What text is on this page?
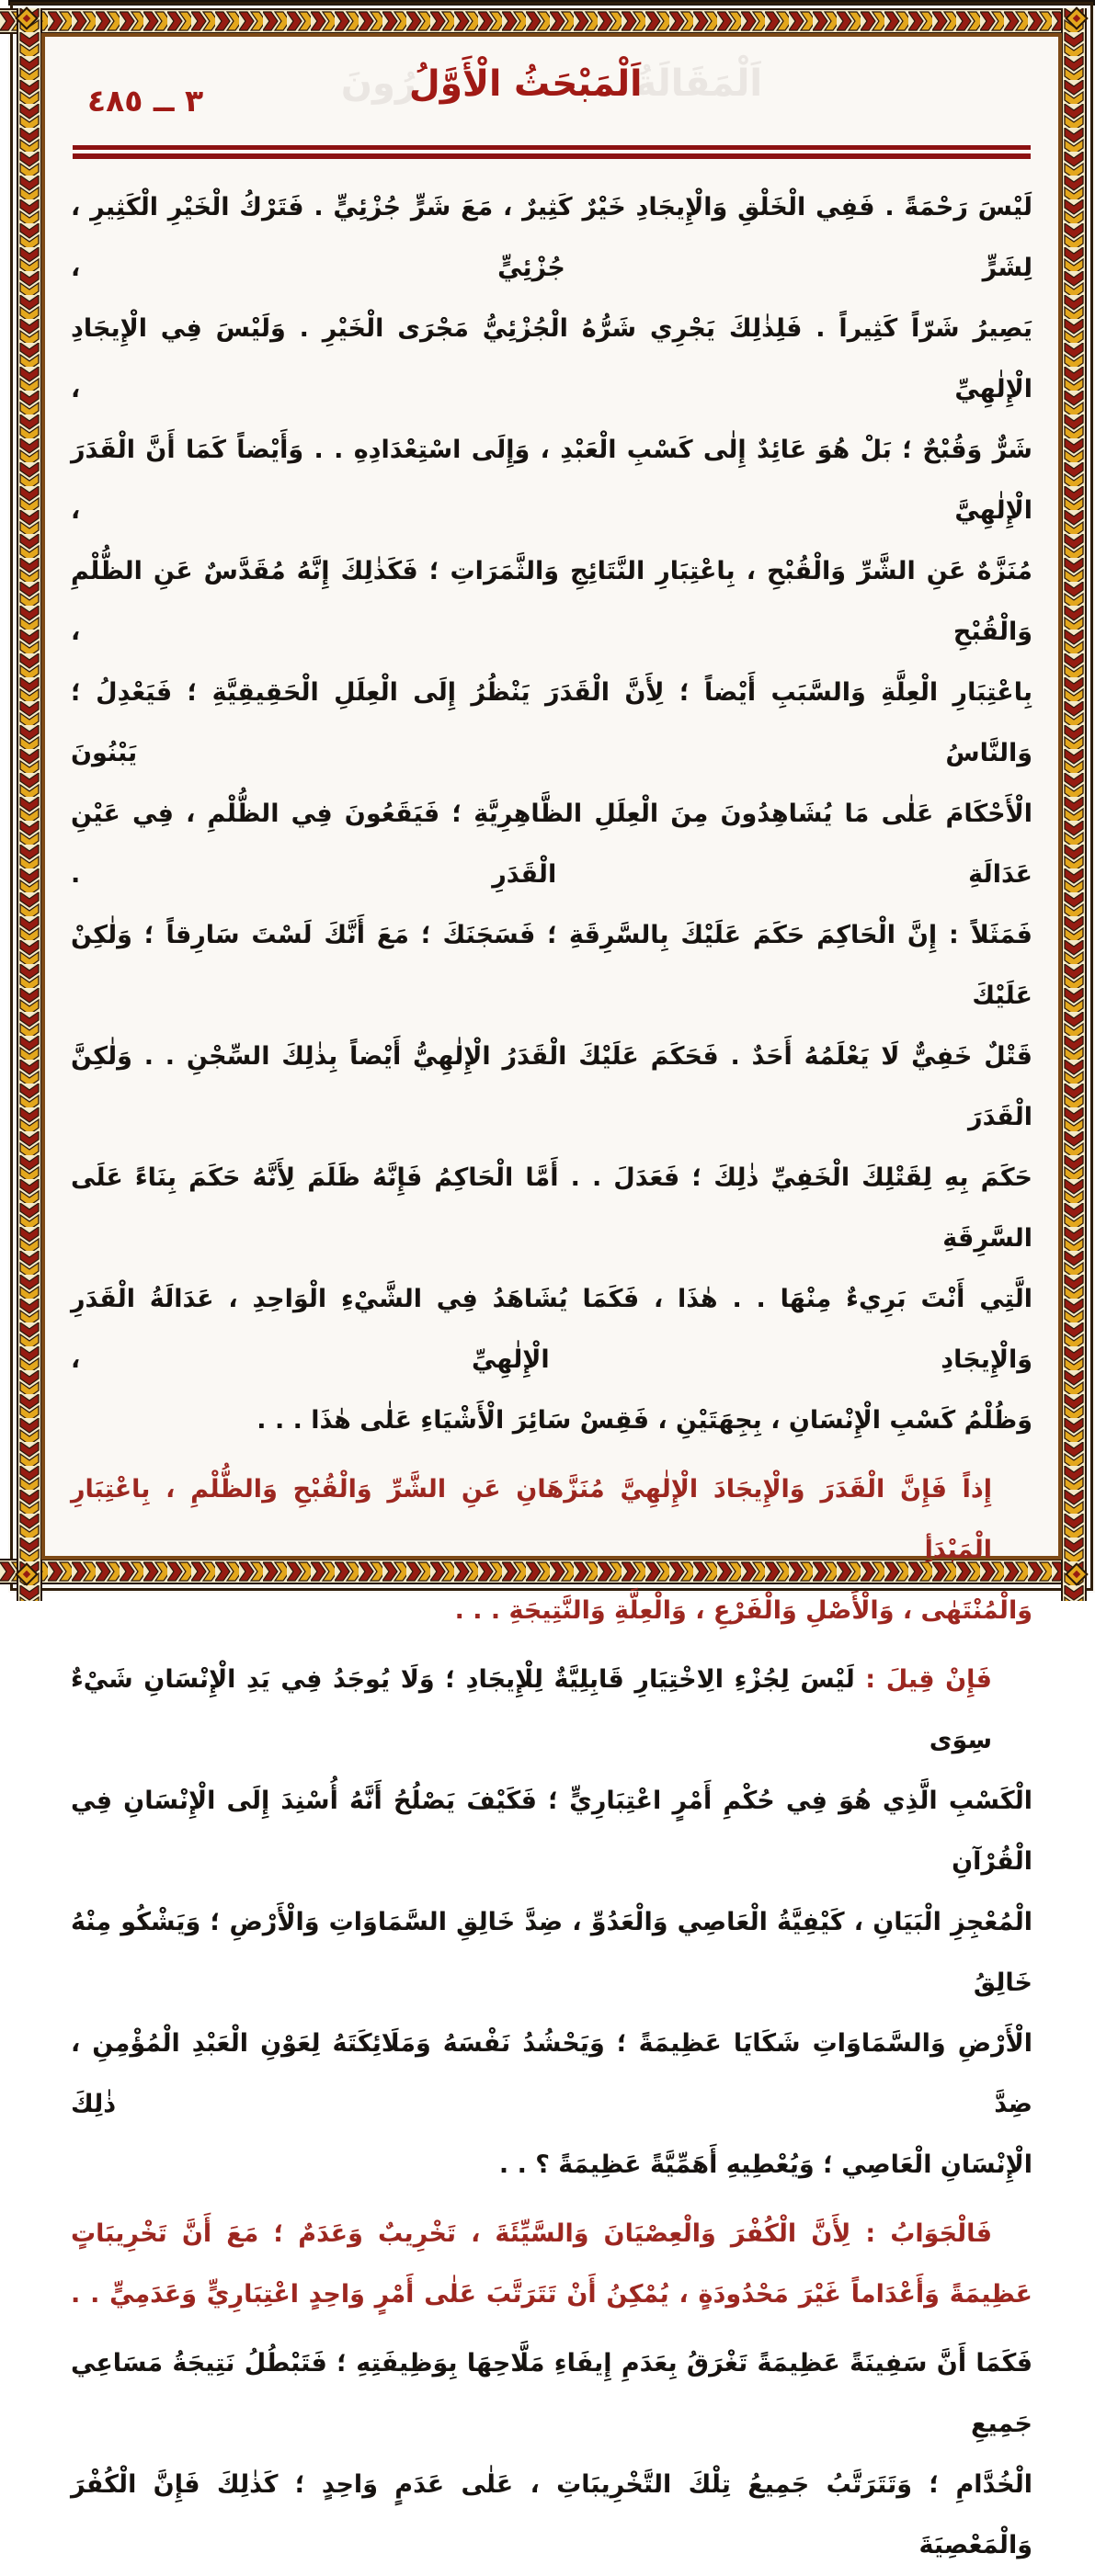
٣ ــ ٤٨٥	اَلْمَقَالَةُ
اَلْمَبْحَثُ الْأَوَّلُ
رُونَ
لَيْسَ رَحْمَةً . فَفِي الْخَلْقِ وَالْإِيجَادِ خَيْرٌ كَثِيرٌ ، مَعَ شَرٍّ جُزْئِيٍّ . فَتَرْكُ الْخَيْرِ الْكَثِيرِ ، لِشَرٍّ جُزْئِيٍّ ،
يَصِيرُ شَرّاً كَثِيراً . فَلِذٰلِكَ يَجْرِي شَرُّهُ الْجُزْئِيُّ مَجْرَى الْخَيْرِ . وَلَيْسَ فِي الْإِيجَادِ الْإِلٰهِيِّ ،
شَرٌّ وَقُبْحٌ ؛ بَلْ هُوَ عَائِدٌ إِلٰى كَسْبِ الْعَبْدِ ، وَإِلَى اسْتِعْدَادِهِ . . وَأَيْضاً كَمَا أَنَّ الْقَدَرَ الْإِلٰهِيَّ ،
مُنَزَّهٌ عَنِ الشَّرِّ وَالْقُبْحِ ، بِاعْتِبَارِ النَّتَائِجِ وَالثَّمَرَاتِ ؛ فَكَذٰلِكَ إِنَّهُ مُقَدَّسٌ عَنِ الظُّلْمِ وَالْقُبْحِ ،
بِاعْتِبَارِ الْعِلَّةِ وَالسَّبَبِ أَيْضاً ؛ لِأَنَّ الْقَدَرَ يَنْظُرُ إِلَى الْعِلَلِ الْحَقِيقِيَّةِ ؛ فَيَعْدِلُ ؛ وَالنَّاسُ يَبْنُونَ
الْأَحْكَامَ عَلٰى مَا يُشَاهِدُونَ مِنَ الْعِلَلِ الظَّاهِرِيَّةِ ؛ فَيَقَعُونَ فِي الظُّلْمِ ، فِي عَيْنِ عَدَالَةِ الْقَدَرِ .
فَمَثَلاً : إِنَّ الْحَاكِمَ حَكَمَ عَلَيْكَ بِالسَّرِقَةِ ؛ فَسَجَنَكَ ؛ مَعَ أَنَّكَ لَسْتَ سَارِقاً ؛ وَلٰكِنْ عَلَيْكَ
قَتْلٌ خَفِيٌّ لَا يَعْلَمُهُ أَحَدٌ . فَحَكَمَ عَلَيْكَ الْقَدَرُ الْإِلٰهِيُّ أَيْضاً بِذٰلِكَ السِّجْنِ . . وَلٰكِنَّ الْقَدَرَ
حَكَمَ بِهِ لِقَتْلِكَ الْخَفِيِّ ذٰلِكَ ؛ فَعَدَلَ . . أَمَّا الْحَاكِمُ فَإِنَّهُ ظَلَمَ لِأَنَّهُ حَكَمَ بِنَاءً عَلَى السَّرِقَةِ
الَّتِي أَنْتَ بَرِيءٌ مِنْهَا . . هٰذَا ، فَكَمَا يُشَاهَدُ فِي الشَّيْءِ الْوَاحِدِ ، عَدَالَةُ الْقَدَرِ وَالْإِيجَادِ الْإِلٰهِيِّ ،
وَظُلْمُ كَسْبِ الْإِنْسَانِ ، بِجِهَتَيْنِ ، فَقِسْ سَائِرَ الْأَشْيَاءِ عَلٰى هٰذَا . . .
إِذاً فَإِنَّ الْقَدَرَ وَالْإِيجَادَ الْإِلٰهِيَّ مُنَزَّهَانِ عَنِ الشَّرِّ وَالْقُبْحِ وَالظُّلْمِ ، بِاعْتِبَارِ الْمَبْدَأِ
وَالْمُنْتَهٰى ، وَالْأَصْلِ وَالْفَرْعِ ، وَالْعِلَّةِ وَالنَّتِيجَةِ . . .
فَإِنْ قِيلَ : لَيْسَ لِجُزْءِ الِاخْتِيَارِ قَابِلِيَّةٌ لِلْإِيجَادِ ؛ وَلَا يُوجَدُ فِي يَدِ الْإِنْسَانِ شَيْءٌ سِوَى
الْكَسْبِ الَّذِي هُوَ فِي حُكْمِ أَمْرٍ اعْتِبَارِيٍّ ؛ فَكَيْفَ يَصْلُحُ أَنَّهُ أُسْنِدَ إِلَى الْإِنْسَانِ فِي الْقُرْآنِ
الْمُعْجِزِ الْبَيَانِ ، كَيْفِيَّةُ الْعَاصِي وَالْعَدُوِّ ، ضِدَّ خَالِقِ السَّمَاوَاتِ وَالْأَرْضِ ؛ وَيَشْكُو مِنْهُ خَالِقُ
الْأَرْضِ وَالسَّمَاوَاتِ شَكَايَا عَظِيمَةً ؛ وَيَحْشُدُ نَفْسَهُ وَمَلَائِكَتَهُ لِعَوْنِ الْعَبْدِ الْمُؤْمِنِ ، ضِدَّ ذٰلِكَ
الْإِنْسَانِ الْعَاصِي ؛ وَيُعْطِيهِ أَهَمِّيَّةً عَظِيمَةً ؟ . .
فَالْجَوَابُ : لِأَنَّ الْكُفْرَ وَالْعِصْيَانَ وَالسَّيِّئَةَ ، تَخْرِيبٌ وَعَدَمٌ ؛ مَعَ أَنَّ تَخْرِيبَاتٍ
عَظِيمَةً وَأَعْدَاماً غَيْرَ مَحْدُودَةٍ ، يُمْكِنُ أَنْ تَتَرَتَّبَ عَلٰى أَمْرٍ وَاحِدٍ اعْتِبَارِيٍّ وَعَدَمِيٍّ . .
فَكَمَا أَنَّ سَفِينَةً عَظِيمَةً تَغْرَقُ بِعَدَمِ إِيفَاءِ مَلَّاحِهَا بِوَظِيفَتِهِ ؛ فَتَبْطُلُ نَتِيجَةُ مَسَاعِي جَمِيعِ
الْخُدَّامِ ؛ وَتَتَرَتَّبُ جَمِيعُ تِلْكَ التَّخْرِيبَاتِ ، عَلٰى عَدَمٍ وَاحِدٍ ؛ كَذٰلِكَ فَإِنَّ الْكُفْرَ وَالْمَعْصِيَةَ
